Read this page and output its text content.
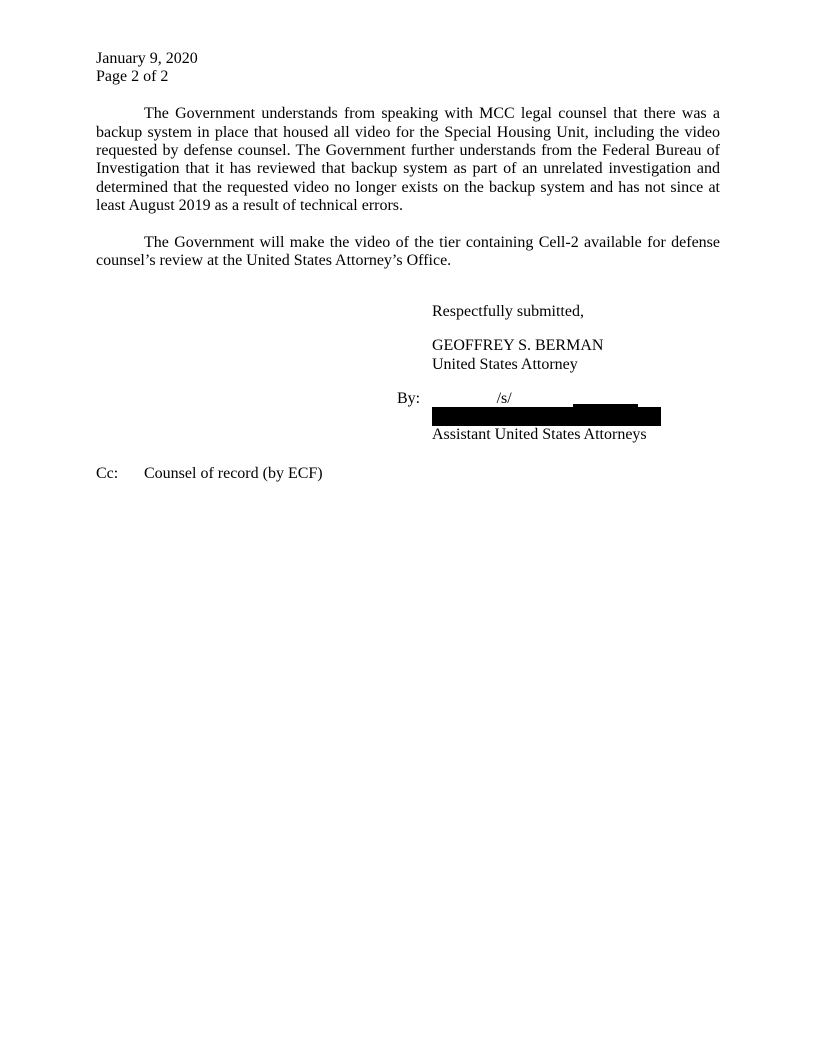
January 9, 2020
Page 2 of 2

The Government understands from speaking with MCC legal counsel that there was a backup system in place that housed all video for the Special Housing Unit, including the video requested by defense counsel. The Government further understands from the Federal Bureau of Investigation that it has reviewed that backup system as part of an unrelated investigation and determined that the requested video no longer exists on the backup system and has not since at least August 2019 as a result of technical errors.

The Government will make the video of the tier containing Cell-2 available for defense counsel’s review at the United States Attorney’s Office.

Respectfully submitted,
GEOFFREY S. BERMAN
United States Attorney
By:	/s/
Assistant United States Attorneys
Cc: Counsel of record (by ECF)
